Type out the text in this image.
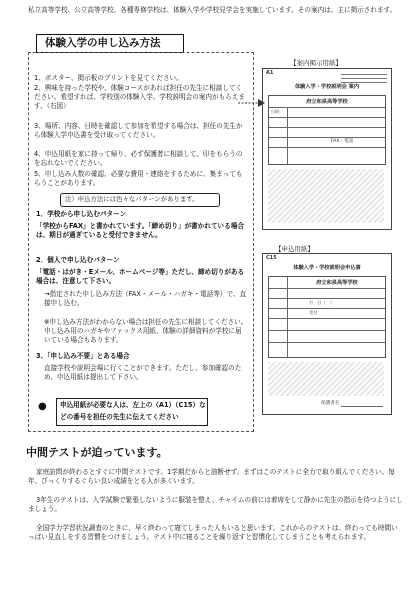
私立高等学校、公立高等学校、各種専修学校は、体験入学や学校見学会を実施しています。その案内は、主に掲示されます。
体験入学の申し込み方法
1、ポスター、掲示板のプリントを見てください。
2、興味を持った学校や、体験コースがあれば担任の先生に相談してください。希望すれば、学校別の体験入学、学校説明会の案内がもらえます。（右図）
3、場所、内容、日時を確認して参加を希望する場合は、担任の先生から体験入学申込書を受け取ってください。
4、申込用紙を家に持って帰り、必ず保護者に相談して、印をもらうのを忘れないでください。
5、申し込み人数の確認、必要な費用・連絡をするために、集まってもらうことがあります。
注）申込方法には色々なパターンがあります。
1．学校から申し込むパターン
「学校からFAX」と書かれています。「締め切り」が書かれている場合は、期日が過ぎていると受付できません。
2．個人で申し込むパターン
「電話・はがき・Eメール、ホームページ等」ただし、締め切りがある場合は、注意して下さい。
→指定された申し込み方法（FAX・メール・ハガキ・電話等）で、直接申し込む。
※申し込み方法がわからない場合は担任の先生に相談してください。申し込み用のハガキやファックス用紙、体験の詳細資料が学校に届いている場合もあります。
3、「申し込み不要」とある場合
直接学校や説明会場に行くことができます。ただし、参加確認のため、申込用紙は提出して下さい。
● 申込用紙が必要な人は、左上の（A1）（C15）などの番号を担任の先生に伝えてください
【案内掲示用紙】
A1
体験入学・学校説明会 案内
府立和泉高等学校
日時
FAX・電話
【申込用紙】
C15
体験入学・学校説明会申込書
府立和泉高等学校
月　日（　）
受付
保護者名
中間テストが迫っています。
家庭訪問が終わるとすぐに中間テストです。1学期だからと油断せず、まずはこのテストに全力で取り組んでください。毎年、びっくりするぐらい良い成績をとる人が多くいます。
3年生のテストは、入学試験で緊張しないように服装を整え、チャイムの前には着席をして静かに先生の指示を待つようにしましょう。
全国学力学習状況調査のときに、早く終わって寝てしまった人もいると思います。これからのテストは、終わっても時間いっぱい見直しをする習慣をつけましょう。テスト中に寝ることを繰り返すと習慣化してしまうことも考えられます。
